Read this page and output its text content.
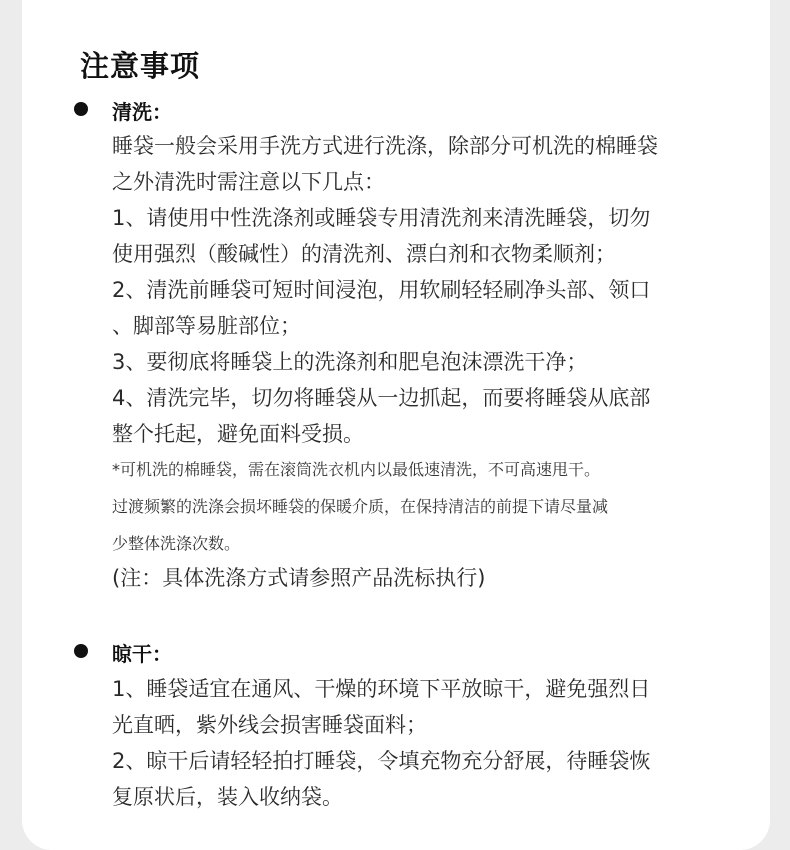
注意事项
清洗：
睡袋一般会采用手洗方式进行洗涤，除部分可机洗的棉睡袋
之外清洗时需注意以下几点：
1、请使用中性洗涤剂或睡袋专用清洗剂来清洗睡袋，切勿
使用强烈（酸碱性）的清洗剂、漂白剂和衣物柔顺剂；
2、清洗前睡袋可短时间浸泡，用软刷轻轻刷净头部、领口
、脚部等易脏部位；
3、要彻底将睡袋上的洗涤剂和肥皂泡沫漂洗干净；
4、清洗完毕，切勿将睡袋从一边抓起，而要将睡袋从底部
整个托起，避免面料受损。
*可机洗的棉睡袋，需在滚筒洗衣机内以最低速清洗，不可高速甩干。
过渡频繁的洗涤会损坏睡袋的保暖介质，在保持清洁的前提下请尽量减
少整体洗涤次数。
(注：具体洗涤方式请参照产品洗标执行)
晾干：
1、睡袋适宜在通风、干燥的环境下平放晾干，避免强烈日
光直晒，紫外线会损害睡袋面料；
2、晾干后请轻轻拍打睡袋，令填充物充分舒展，待睡袋恢
复原状后，装入收纳袋。
